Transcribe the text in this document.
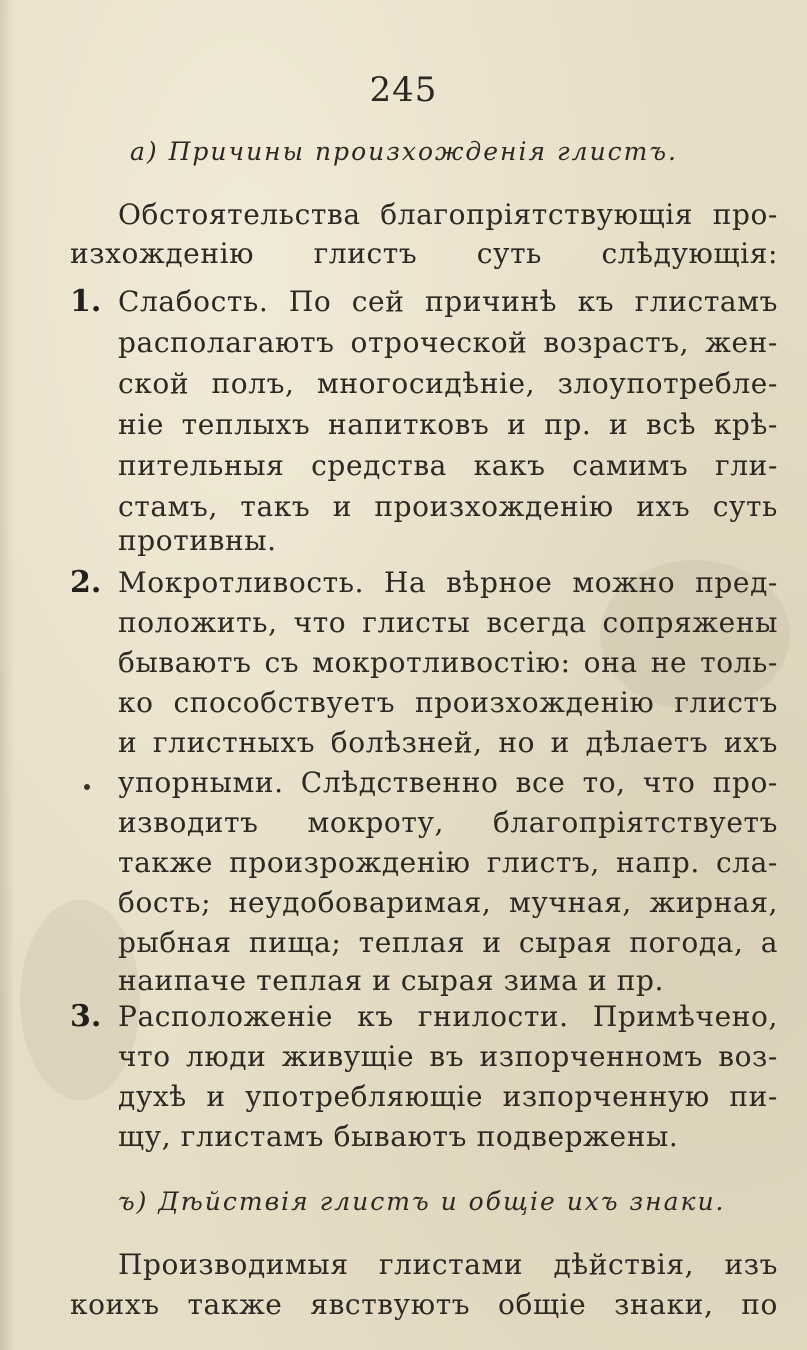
245
a) Причины произхожденія глистъ.
Обстоятельства благопріятствующія про-
изхожденію глистъ суть слѣдующія:
1. Слабость. По сей причинѣ къ глистамъ
располагаютъ отроческой возрастъ, жен-
ской полъ, многосидѣніе, злоупотребле-
ніе теплыхъ напитковъ и пр. и всѣ крѣ-
пительныя средства какъ самимъ гли-
стамъ, такъ и произхожденію ихъ суть
противны.
2. Мокротливость. На вѣрное можно пред-
положить, что глисты всегда сопряжены
бываютъ съ мокротливостію: она не толь-
ко способствуетъ произхожденію глистъ
и глистныхъ болѣзней, но и дѣлаетъ ихъ
упорными. Слѣдственно все то, что про-
изводитъ мокроту, благопріятствуетъ
также произрожденію глистъ, напр. сла-
бость; неудобоваримая, мучная, жирная,
рыбная пища; теплая и сырая погода, а
наипаче теплая и сырая зима и пр.
3. Расположеніе къ гнилости. Примѣчено,
что люди живущіе въ изпорченномъ воз-
духѣ и употребляющіе изпорченную пи-
щу, глистамъ бываютъ подвержены.
ъ) Дѣйствія глистъ и общіе ихъ знаки.
Производимыя глистами дѣйствія, изъ
коихъ также явствуютъ общіе знаки, по
